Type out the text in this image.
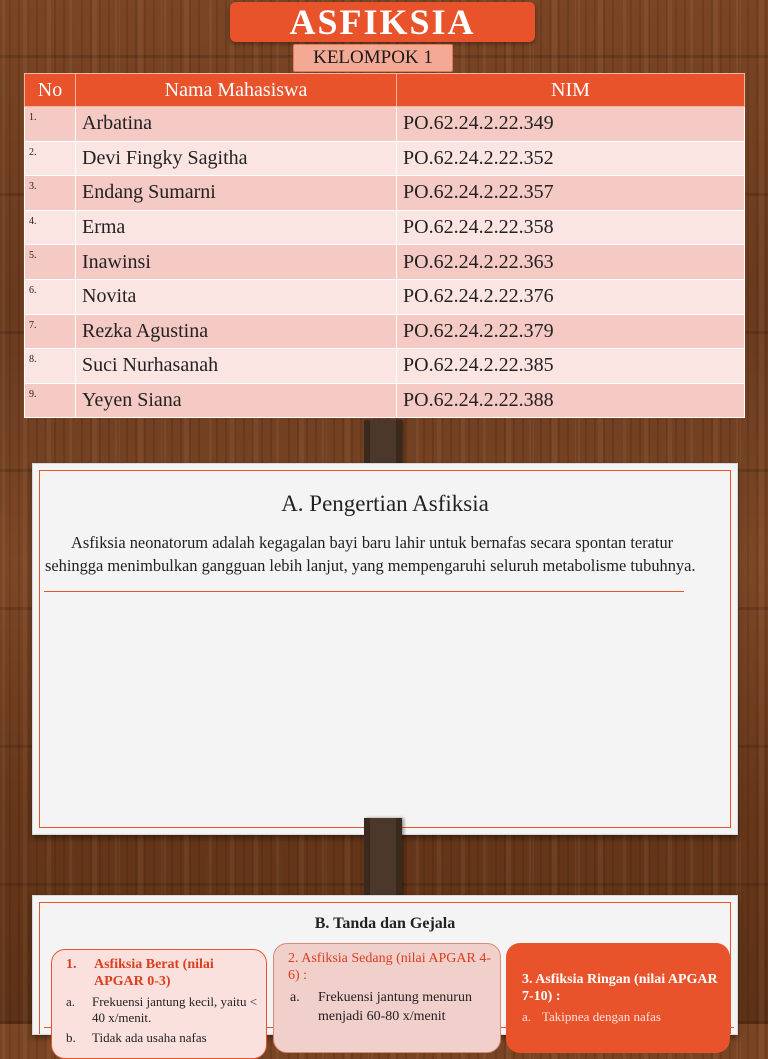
ASFIKSIA
KELOMPOK 1
No	Nama Mahasiswa	NIM
1.	Arbatina	PO.62.24.2.22.349
2.	Devi Fingky Sagitha	PO.62.24.2.22.352
3.	Endang Sumarni	PO.62.24.2.22.357
4.	Erma	PO.62.24.2.22.358
5.	Inawinsi	PO.62.24.2.22.363
6.	Novita	PO.62.24.2.22.376
7.	Rezka Agustina	PO.62.24.2.22.379
8.	Suci Nurhasanah	PO.62.24.2.22.385
9.	Yeyen Siana	PO.62.24.2.22.388
A. Pengertian Asfiksia
Asfiksia neonatorum adalah kegagalan bayi baru lahir untuk bernafas secara spontan teratur sehingga menimbulkan gangguan lebih lanjut, yang mempengaruhi seluruh metabolisme tubuhnya.
B. Tanda dan Gejala
1. Asfiksia Berat (nilai APGAR 0-3)
a. Frekuensi jantung kecil, yaitu < 40 x/menit.
b. Tidak ada usaha nafas
2. Asfiksia Sedang (nilai APGAR 4-6) :
a. Frekuensi jantung menurun menjadi 60-80 x/menit
3. Asfiksia Ringan (nilai APGAR 7-10) :
a. Takipnea dengan nafas
